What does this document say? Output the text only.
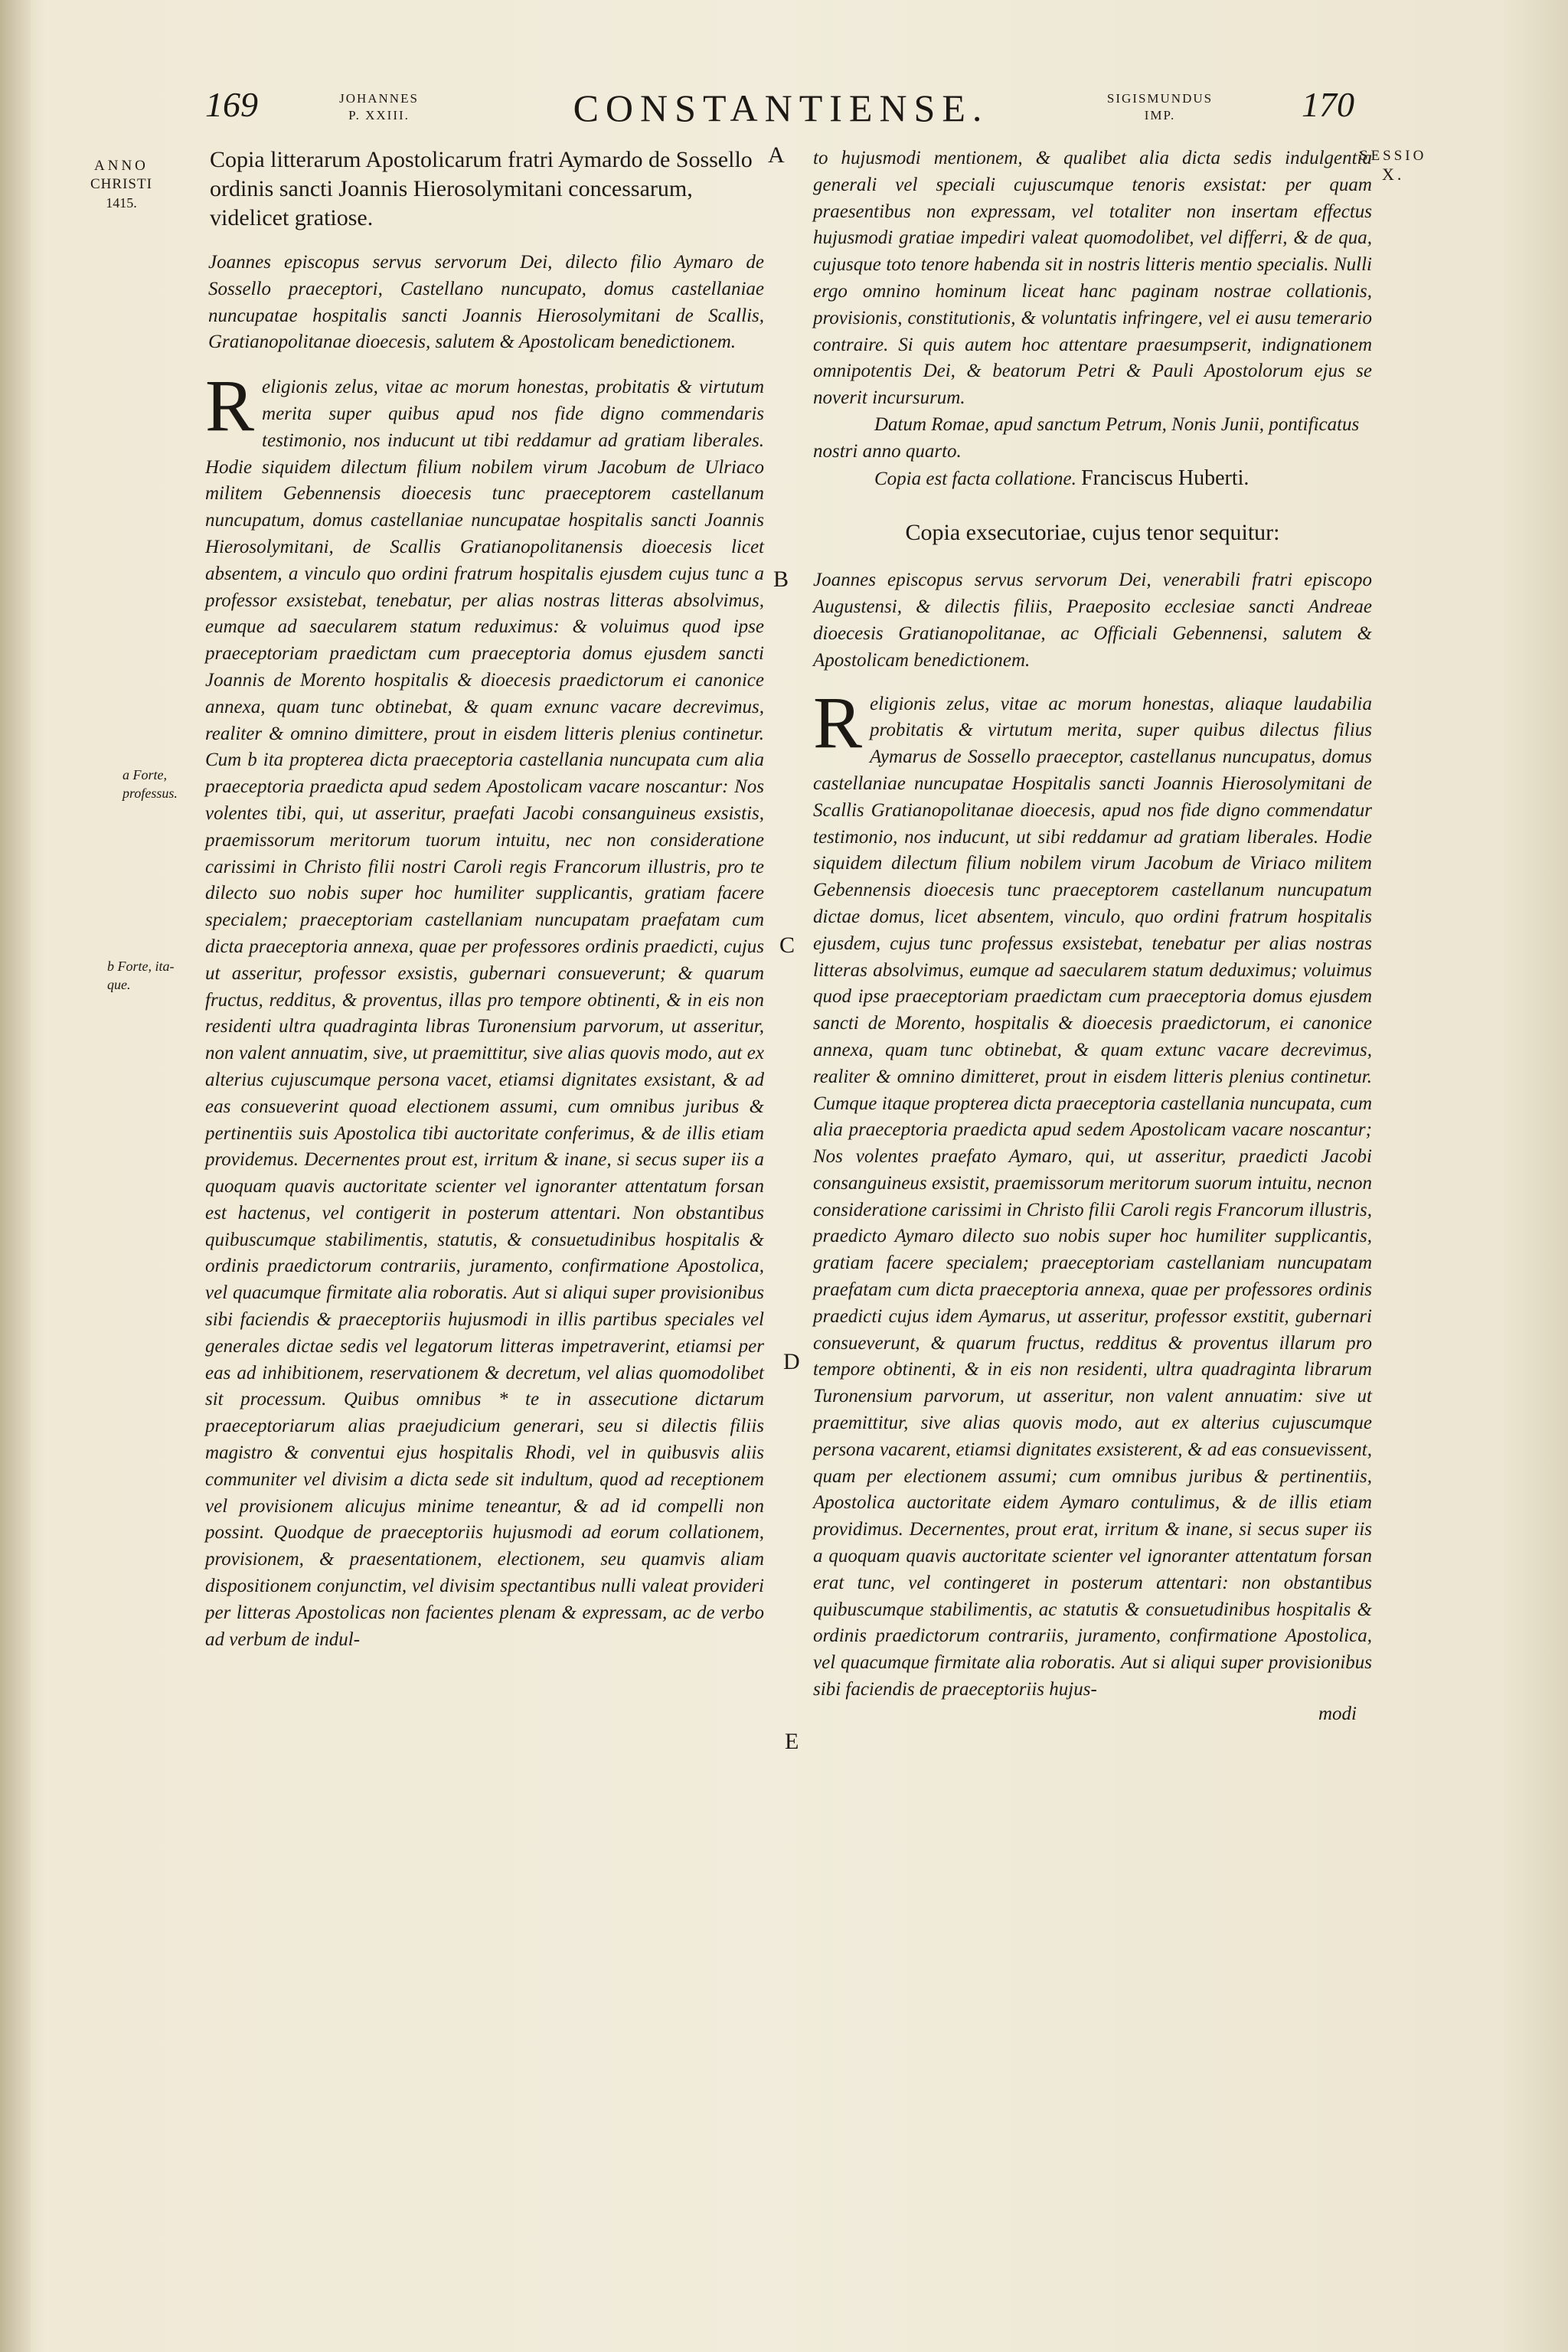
169	JOHANNES
P. XXIII.	CONSTANTIENSE.	SIGISMUNDUS
IMP.	170
ANNO
CHRISTI
1415.
a Forte,
professus.
b Forte, ita-
que.
SESSIO
X.
A
B
C
D
E

Copia litterarum Apostolicarum fratri Aymardo de Sossello ordinis sancti Joannis Hierosolymitani concessarum, videlicet gratiose.

Joannes episcopus servus servorum Dei, dilecto filio Aymaro de Sossello praeceptori, Castellano nuncupato, domus castellaniae nuncupatae hospitalis sancti Joannis Hierosolymitani de Scallis, Gratianopolitanae dioecesis, salutem & Apostolicam benedictionem.

R eligionis zelus, vitae ac morum honestas, probitatis & virtutum merita super quibus apud nos fide digno commendaris testimonio, nos inducunt ut tibi reddamur ad gratiam liberales. Hodie siquidem dilectum filium nobilem virum Jacobum de Ulriaco militem Gebennensis dioecesis tunc praeceptorem castellanum nuncupatum, domus castellaniae nuncupatae hospitalis sancti Joannis Hierosolymitani, de Scallis Gratianopolitanensis dioecesis licet absentem, a vinculo quo ordini fratrum hospitalis ejusdem cujus tunc a professor exsistebat, tenebatur, per alias nostras litteras absolvimus, eumque ad saecularem statum reduximus: & voluimus quod ipse praeceptoriam praedictam cum praeceptoria domus ejusdem sancti Joannis de Morento hospitalis & dioecesis praedictorum ei canonice annexa, quam tunc obtinebat, & quam exnunc vacare decrevimus, realiter & omnino dimittere, prout in eisdem litteris plenius continetur. Cum b ita propterea dicta praeceptoria castellania nuncupata cum alia praeceptoria praedicta apud sedem Apostolicam vacare noscantur: Nos volentes tibi, qui, ut asseritur, praefati Jacobi consanguineus exsistis, praemissorum meritorum tuorum intuitu, nec non consideratione carissimi in Christo filii nostri Caroli regis Francorum illustris, pro te dilecto suo nobis super hoc humiliter supplicantis, gratiam facere specialem; praeceptoriam castellaniam nuncupatam praefatam cum dicta praeceptoria annexa, quae per professores ordinis praedicti, cujus ut asseritur, professor exsistis, gubernari consueverunt; & quarum fructus, redditus, & proventus, illas pro tempore obtinenti, & in eis non residenti ultra quadraginta libras Turonensium parvorum, ut asseritur, non valent annuatim, sive, ut praemittitur, sive alias quovis modo, aut ex alterius cujuscumque persona vacet, etiamsi dignitates exsistant, & ad eas consueverint quoad electionem assumi, cum omnibus juribus & pertinentiis suis Apostolica tibi auctoritate conferimus, & de illis etiam providemus. Decernentes prout est, irritum & inane, si secus super iis a quoquam quavis auctoritate scienter vel ignoranter attentatum forsan est hactenus, vel contigerit in posterum attentari. Non obstantibus quibuscumque stabilimentis, statutis, & consuetudinibus hospitalis & ordinis praedictorum contrariis, juramento, confirmatione Apostolica, vel quacumque firmitate alia roboratis. Aut si aliqui super provisionibus sibi faciendis & praeceptoriis hujusmodi in illis partibus speciales vel generales dictae sedis vel legatorum litteras impetraverint, etiamsi per eas ad inhibitionem, reservationem & decretum, vel alias quomodolibet sit processum. Quibus omnibus * te in assecutione dictarum praeceptoriarum alias praejudicium generari, seu si dilectis filiis magistro & conventui ejus hospitalis Rhodi, vel in quibusvis aliis communiter vel divisim a dicta sede sit indultum, quod ad receptionem vel provisionem alicujus minime teneantur, & ad id compelli non possint. Quodque de praeceptoriis hujusmodi ad eorum collationem, provisionem, & praesentationem, electionem, seu quamvis aliam dispositionem conjunctim, vel divisim spectantibus nulli valeat provideri per litteras Apostolicas non facientes plenam & expressam, ac de verbo ad verbum de indul-

to hujusmodi mentionem, & qualibet alia dicta sedis indulgentia generali vel speciali cujuscumque tenoris exsistat: per quam praesentibus non expressam, vel totaliter non insertam effectus hujusmodi gratiae impediri valeat quomodolibet, vel differri, & de qua, cujusque toto tenore habenda sit in nostris litteris mentio specialis. Nulli ergo omnino hominum liceat hanc paginam nostrae collationis, provisionis, constitutionis, & voluntatis infringere, vel ei ausu temerario contraire. Si quis autem hoc attentare praesumpserit, indignationem omnipotentis Dei, & beatorum Petri & Pauli Apostolorum ejus se noverit incursurum.

Datum Romae, apud sanctum Petrum, Nonis Junii, pontificatus nostri anno quarto.

Copia est facta collatione. Franciscus Huberti.

Copia exsecutoriae, cujus tenor sequitur:

Joannes episcopus servus servorum Dei, venerabili fratri episcopo Augustensi, & dilectis filiis, Praeposito ecclesiae sancti Andreae dioecesis Gratianopolitanae, ac Officiali Gebennensi, salutem & Apostolicam benedictionem.

R eligionis zelus, vitae ac morum honestas, aliaque laudabilia probitatis & virtutum merita, super quibus dilectus filius Aymarus de Sossello praeceptor, castellanus nuncupatus, domus castellaniae nuncupatae Hospitalis sancti Joannis Hierosolymitani de Scallis Gratianopolitanae dioecesis, apud nos fide digno commendatur testimonio, nos inducunt, ut sibi reddamur ad gratiam liberales. Hodie siquidem dilectum filium nobilem virum Jacobum de Viriaco militem Gebennensis dioecesis tunc praeceptorem castellanum nuncupatum dictae domus, licet absentem, vinculo, quo ordini fratrum hospitalis ejusdem, cujus tunc professus exsistebat, tenebatur per alias nostras litteras absolvimus, eumque ad saecularem statum deduximus; voluimus quod ipse praeceptoriam praedictam cum praeceptoria domus ejusdem sancti de Morento, hospitalis & dioecesis praedictorum, ei canonice annexa, quam tunc obtinebat, & quam extunc vacare decrevimus, realiter & omnino dimitteret, prout in eisdem litteris plenius continetur. Cumque itaque propterea dicta praeceptoria castellania nuncupata, cum alia praeceptoria praedicta apud sedem Apostolicam vacare noscantur; Nos volentes praefato Aymaro, qui, ut asseritur, praedicti Jacobi consanguineus exsistit, praemissorum meritorum suorum intuitu, necnon consideratione carissimi in Christo filii Caroli regis Francorum illustris, praedicto Aymaro dilecto suo nobis super hoc humiliter supplicantis, gratiam facere specialem; praeceptoriam castellaniam nuncupatam praefatam cum dicta praeceptoria annexa, quae per professores ordinis praedicti cujus idem Aymarus, ut asseritur, professor exstitit, gubernari consueverunt, & quarum fructus, redditus & proventus illarum pro tempore obtinenti, & in eis non residenti, ultra quadraginta librarum Turonensium parvorum, ut asseritur, non valent annuatim: sive ut praemittitur, sive alias quovis modo, aut ex alterius cujuscumque persona vacarent, etiamsi dignitates exsisterent, & ad eas consuevissent, quam per electionem assumi; cum omnibus juribus & pertinentiis, Apostolica auctoritate eidem Aymaro contulimus, & de illis etiam providimus. Decernentes, prout erat, irritum & inane, si secus super iis a quoquam quavis auctoritate scienter vel ignoranter attentatum forsan erat tunc, vel contingeret in posterum attentari: non obstantibus quibuscumque stabilimentis, ac statutis & consuetudinibus hospitalis & ordinis praedictorum contrariis, juramento, confirmatione Apostolica, vel quacumque firmitate alia roboratis. Aut si aliqui super provisionibus sibi faciendis de praeceptoriis hujus-

modi
